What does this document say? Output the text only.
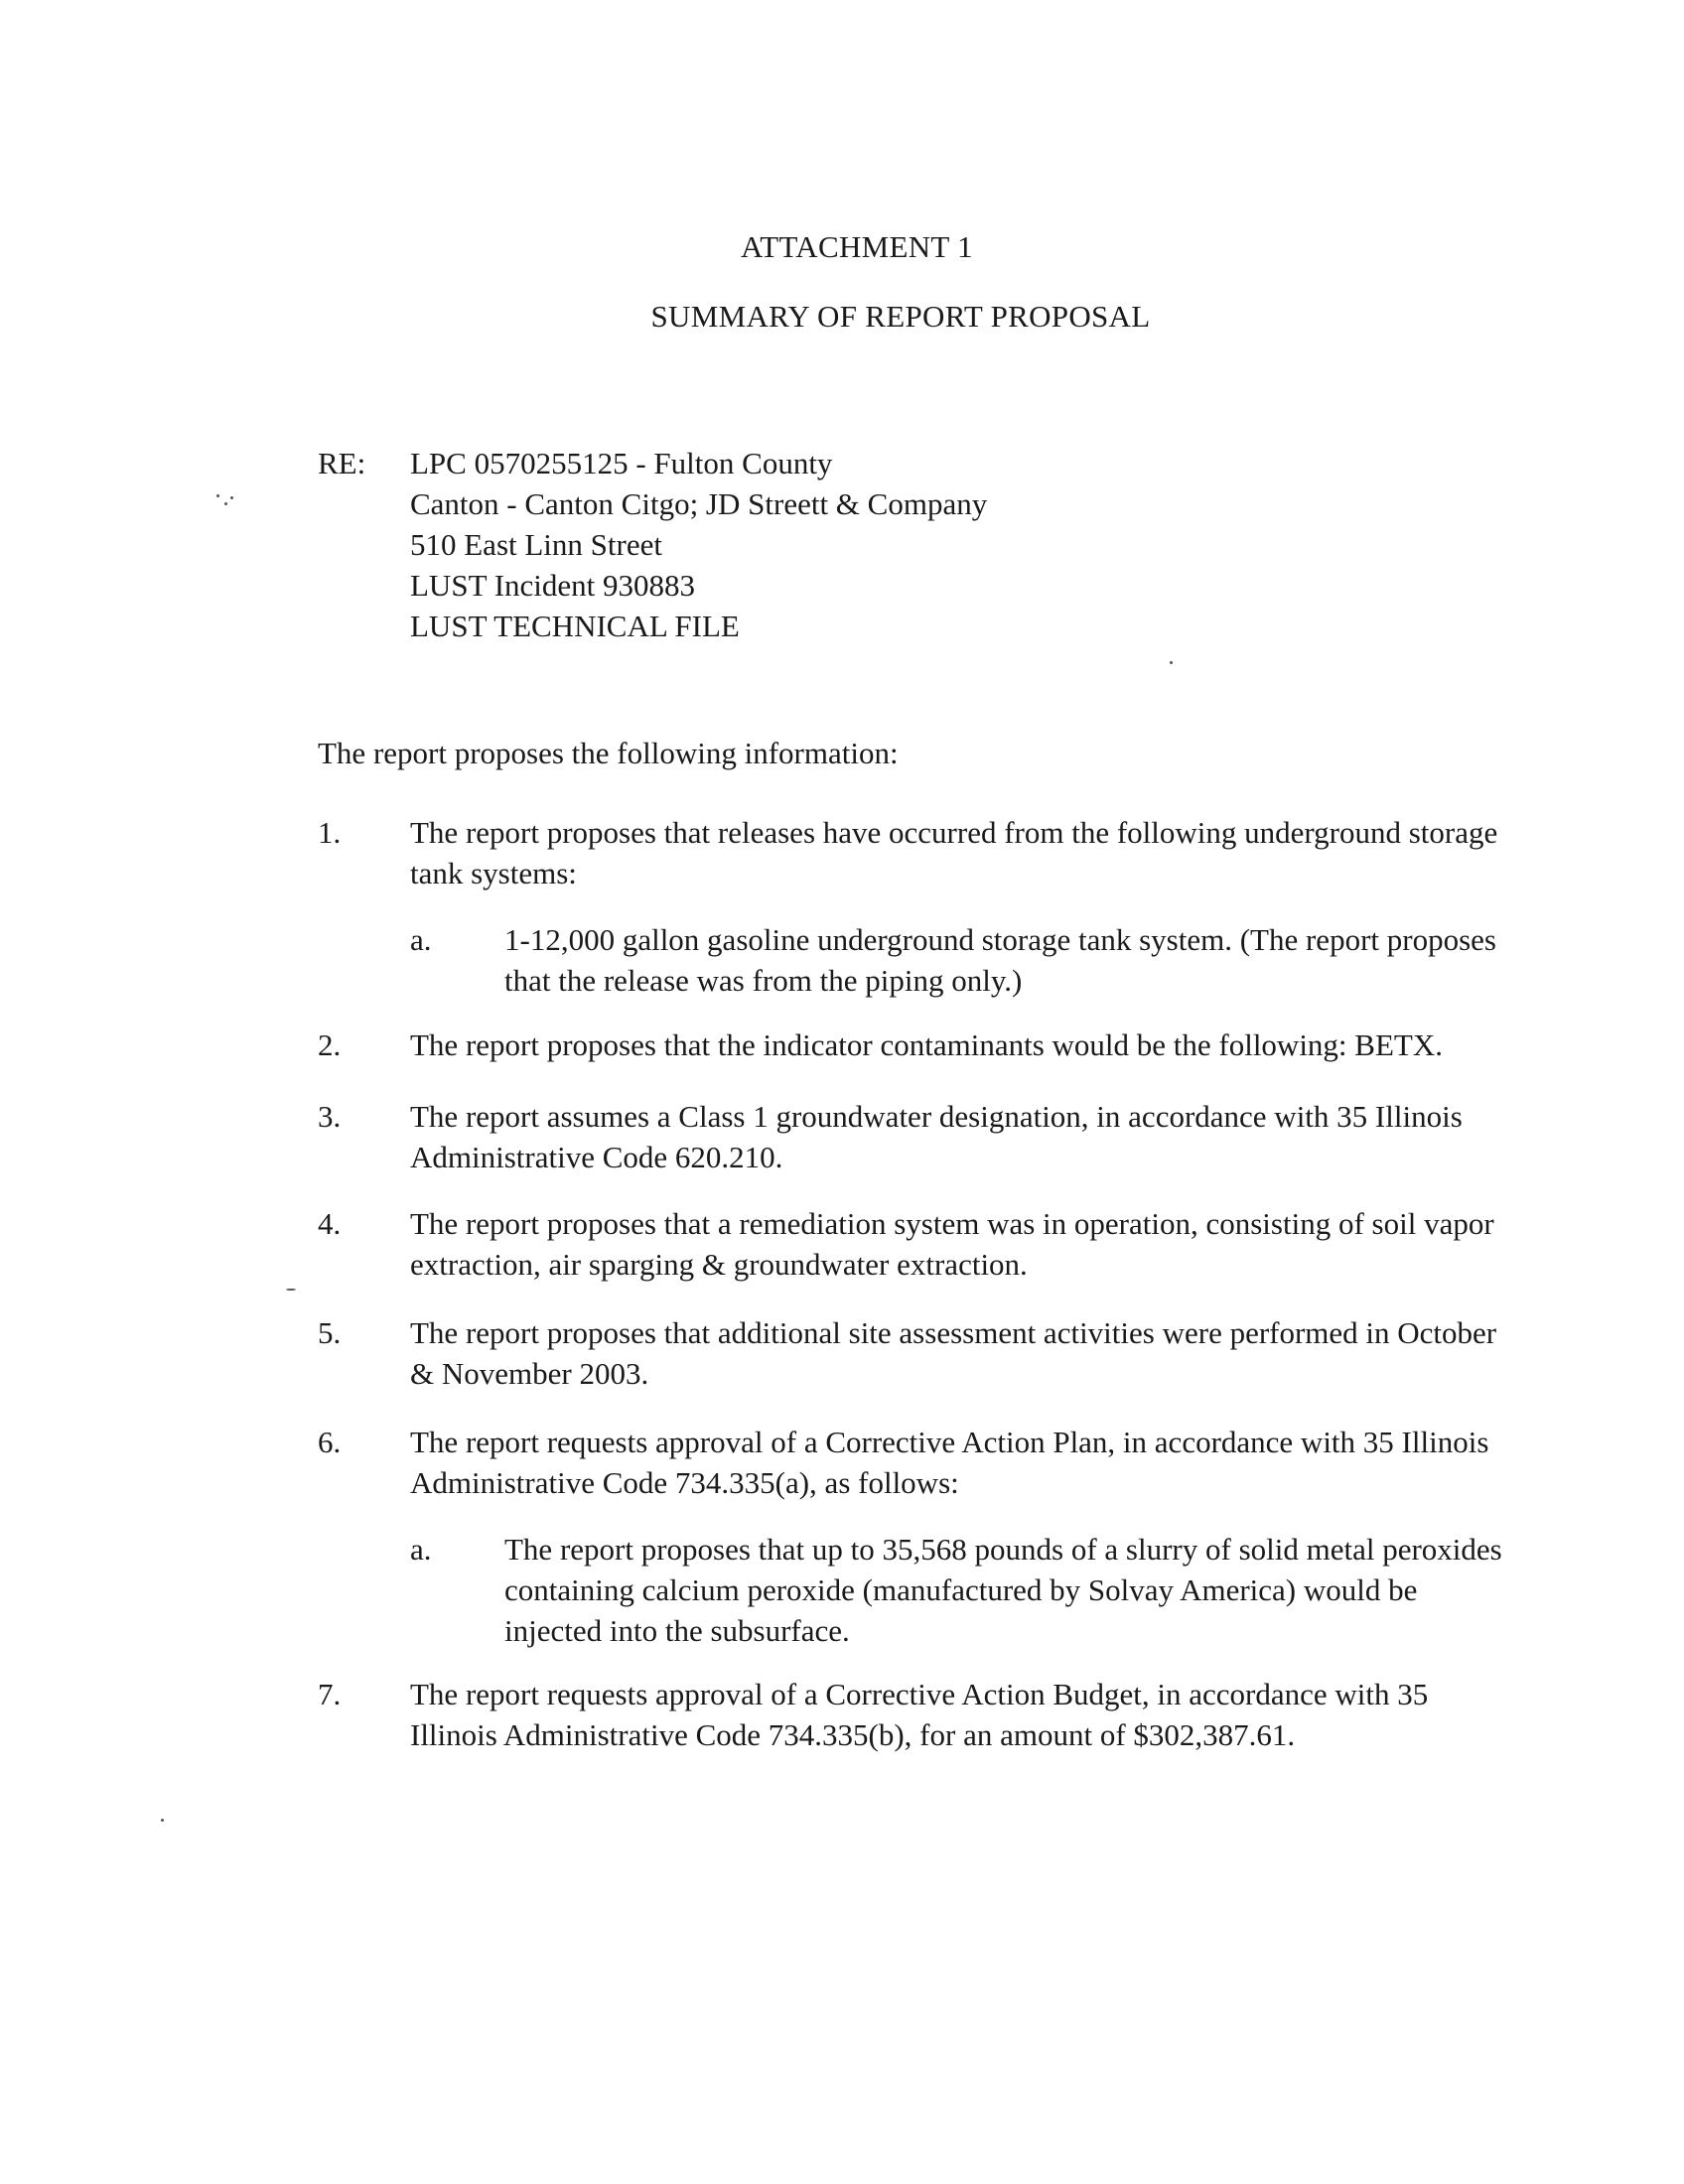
ATTACHMENT 1
SUMMARY OF REPORT PROPOSAL
RE: LPC 0570255125 - Fulton County
Canton - Canton Citgo; JD Streett & Company
510 East Linn Street
LUST Incident 930883
LUST TECHNICAL FILE
The report proposes the following information:
1. The report proposes that releases have occurred from the following underground storage tank systems:
a. 1-12,000 gallon gasoline underground storage tank system. (The report proposes that the release was from the piping only.)
2. The report proposes that the indicator contaminants would be the following: BETX.
3. The report assumes a Class 1 groundwater designation, in accordance with 35 Illinois Administrative Code 620.210.
4. The report proposes that a remediation system was in operation, consisting of soil vapor extraction, air sparging & groundwater extraction.
5. The report proposes that additional site assessment activities were performed in October & November 2003.
6. The report requests approval of a Corrective Action Plan, in accordance with 35 Illinois Administrative Code 734.335(a), as follows:
a. The report proposes that up to 35,568 pounds of a slurry of solid metal peroxides containing calcium peroxide (manufactured by Solvay America) would be injected into the subsurface.
7. The report requests approval of a Corrective Action Budget, in accordance with 35 Illinois Administrative Code 734.335(b), for an amount of $302,387.61.
